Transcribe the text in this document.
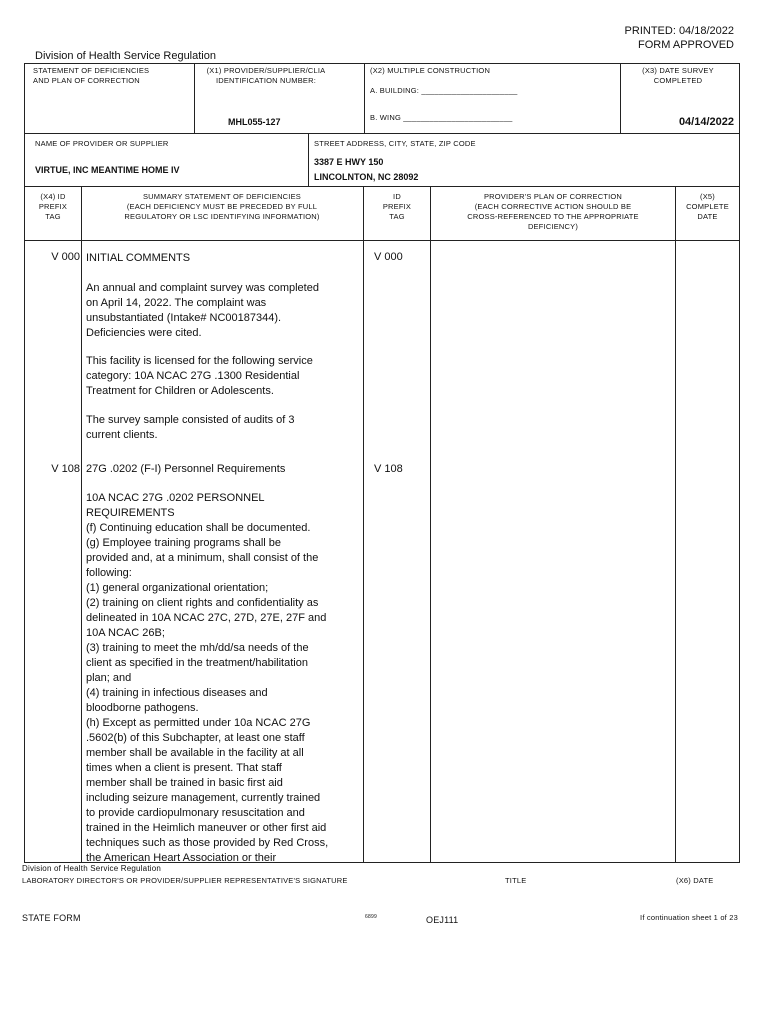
PRINTED: 04/18/2022
FORM APPROVED
Division of Health Service Regulation
STATEMENT OF DEFICIENCIES
AND PLAN OF CORRECTION
(X1) PROVIDER/SUPPLIER/CLIA
IDENTIFICATION NUMBER:
MHL055-127
(X2) MULTIPLE CONSTRUCTION
A. BUILDING: ______________________
B. WING _________________________
(X3) DATE SURVEY
COMPLETED
04/14/2022
NAME OF PROVIDER OR SUPPLIER
VIRTUE, INC MEANTIME HOME IV
STREET ADDRESS, CITY, STATE, ZIP CODE
3387 E HWY 150
LINCOLNTON, NC 28092
(X4) ID
PREFIX
TAG
SUMMARY STATEMENT OF DEFICIENCIES
(EACH DEFICIENCY MUST BE PRECEDED BY FULL
REGULATORY OR LSC IDENTIFYING INFORMATION)
ID
PREFIX
TAG
PROVIDER'S PLAN OF CORRECTION
(EACH CORRECTIVE ACTION SHOULD BE
CROSS-REFERENCED TO THE APPROPRIATE
DEFICIENCY)
(X5)
COMPLETE
DATE
V 000 INITIAL COMMENTS	V 000
An annual and complaint survey was completed
on April 14, 2022. The complaint was
unsubstantiated (Intake# NC00187344).
Deficiencies were cited.
This facility is licensed for the following service
category: 10A NCAC 27G .1300 Residential
Treatment for Children or Adolescents.
The survey sample consisted of audits of 3
current clients.
V 108 27G .0202 (F-I) Personnel Requirements	V 108
10A NCAC 27G .0202 PERSONNEL
REQUIREMENTS
(f) Continuing education shall be documented.
(g) Employee training programs shall be
provided and, at a minimum, shall consist of the
following:
(1) general organizational orientation;
(2) training on client rights and confidentiality as
delineated in 10A NCAC 27C, 27D, 27E, 27F and
10A NCAC 26B;
(3) training to meet the mh/dd/sa needs of the
client as specified in the treatment/habilitation
plan; and
(4) training in infectious diseases and
bloodborne pathogens.
(h) Except as permitted under 10a NCAC 27G
.5602(b) of this Subchapter, at least one staff
member shall be available in the facility at all
times when a client is present. That staff
member shall be trained in basic first aid
including seizure management, currently trained
to provide cardiopulmonary resuscitation and
trained in the Heimlich maneuver or other first aid
techniques such as those provided by Red Cross,
the American Heart Association or their
Division of Health Service Regulation
LABORATORY DIRECTOR'S OR PROVIDER/SUPPLIER REPRESENTATIVE'S SIGNATURE	TITLE	(X6) DATE
STATE FORM	6899	OEJ111	If continuation sheet 1 of 23
